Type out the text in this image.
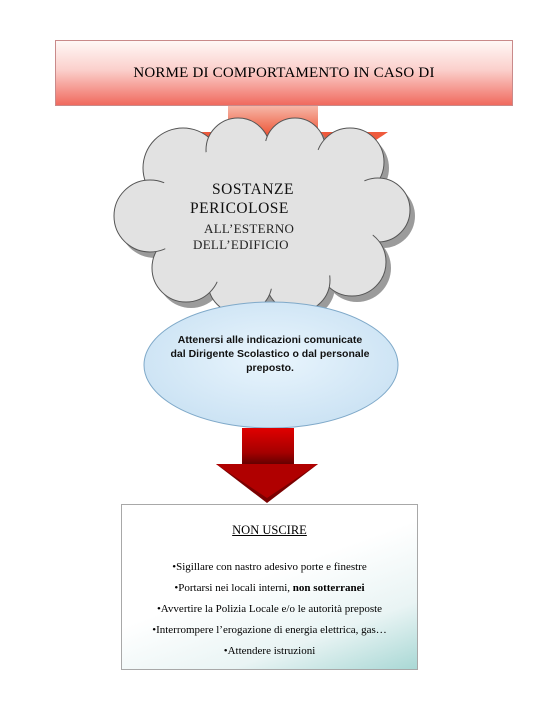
NORME DI COMPORTAMENTO IN CASO DI
SOSTANZE
PERICOLOSE
ALL’ESTERNO
DELL’EDIFICIO
Attenersi alle indicazioni comunicate dal Dirigente Scolastico o dal personale preposto.
NON USCIRE
•Sigillare con nastro adesivo porte e finestre
•Portarsi nei locali interni, non sotterranei
•Avvertire la Polizia Locale e/o le autorità preposte
•Interrompere l’erogazione di energia elettrica, gas…
•Attendere istruzioni
